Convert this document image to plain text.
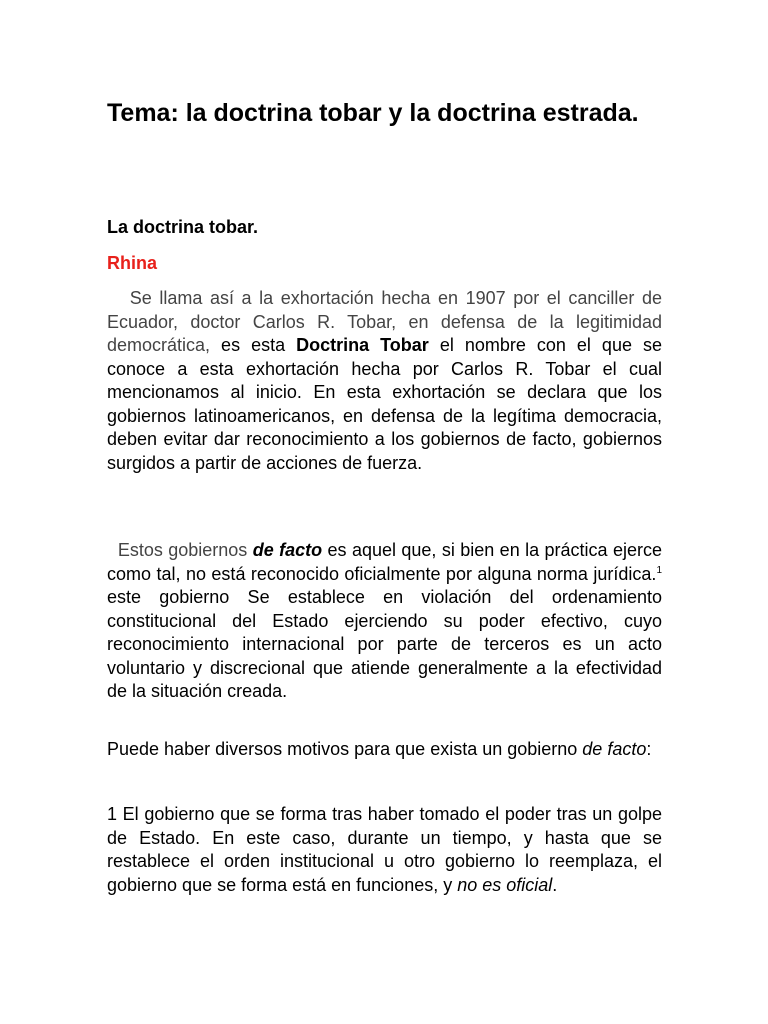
Tema: la doctrina tobar y la doctrina estrada.
La doctrina tobar.
Rhina

Se llama así a la exhortación hecha en 1907 por el canciller de Ecuador, doctor Carlos R. Tobar, en defensa de la legitimidad democrática, es esta Doctrina Tobar el nombre con el que se conoce a esta exhortación hecha por Carlos R. Tobar el cual mencionamos al inicio. En esta exhortación se declara que los gobiernos latinoamericanos, en defensa de la legítima democracia, deben evitar dar reconocimiento a los gobiernos de facto, gobiernos surgidos a partir de acciones de fuerza.

Estos gobiernos de facto es aquel que, si bien en la práctica ejerce como tal, no está reconocido oficialmente por alguna norma jurídica.$^1$ este gobierno Se establece en violación del ordenamiento constitucional del Estado ejerciendo su poder efectivo, cuyo reconocimiento internacional por parte de terceros es un acto voluntario y discrecional que atiende generalmente a la efectividad de la situación creada.

Puede haber diversos motivos para que exista un gobierno de facto:

1 El gobierno que se forma tras haber tomado el poder tras un golpe de Estado. En este caso, durante un tiempo, y hasta que se restablece el orden institucional u otro gobierno lo reemplaza, el gobierno que se forma está en funciones, y no es oficial.
